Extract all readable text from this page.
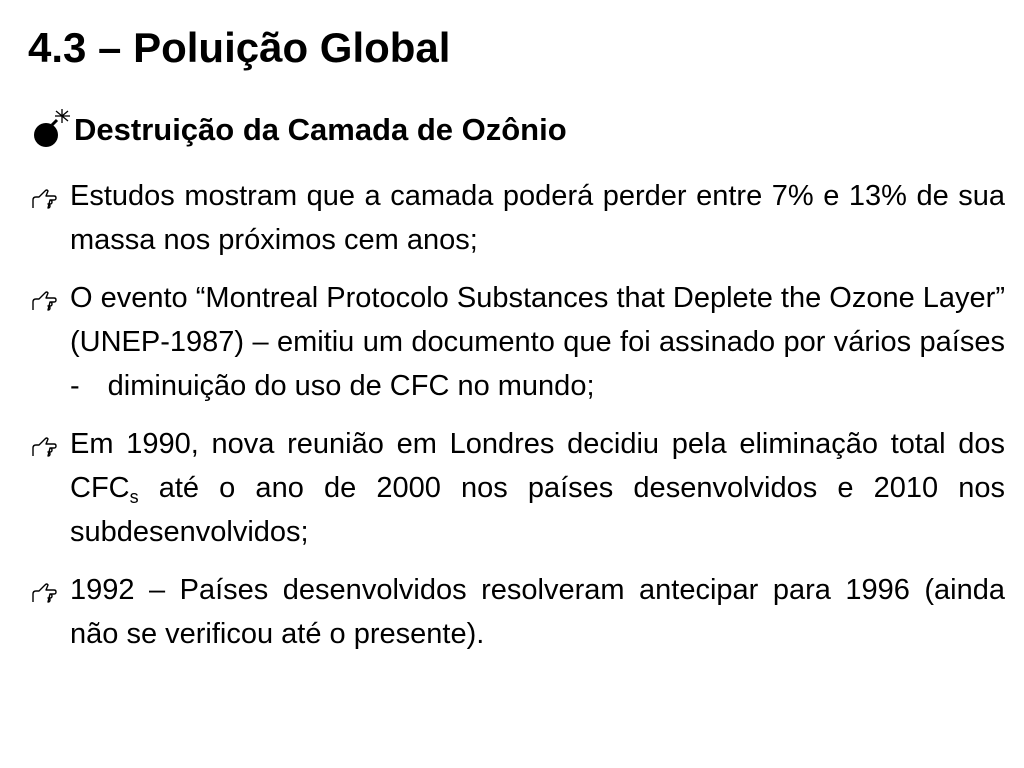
4.3 – Poluição Global
Destruição da Camada de Ozônio
Estudos mostram que a camada poderá perder entre 7% e 13% de sua massa nos próximos cem anos;
O evento “Montreal Protocolo Substances that Deplete the Ozone Layer” (UNEP-1987) – emitiu um documento que foi assinado por vários países - diminuição do uso de CFC no mundo;
Em 1990, nova reunião em Londres decidiu pela eliminação total dos $CFC_s$ até o ano de 2000 nos países desenvolvidos e 2010 nos subdesenvolvidos;
1992 – Países desenvolvidos resolveram antecipar para 1996 (ainda não se verificou até o presente).
